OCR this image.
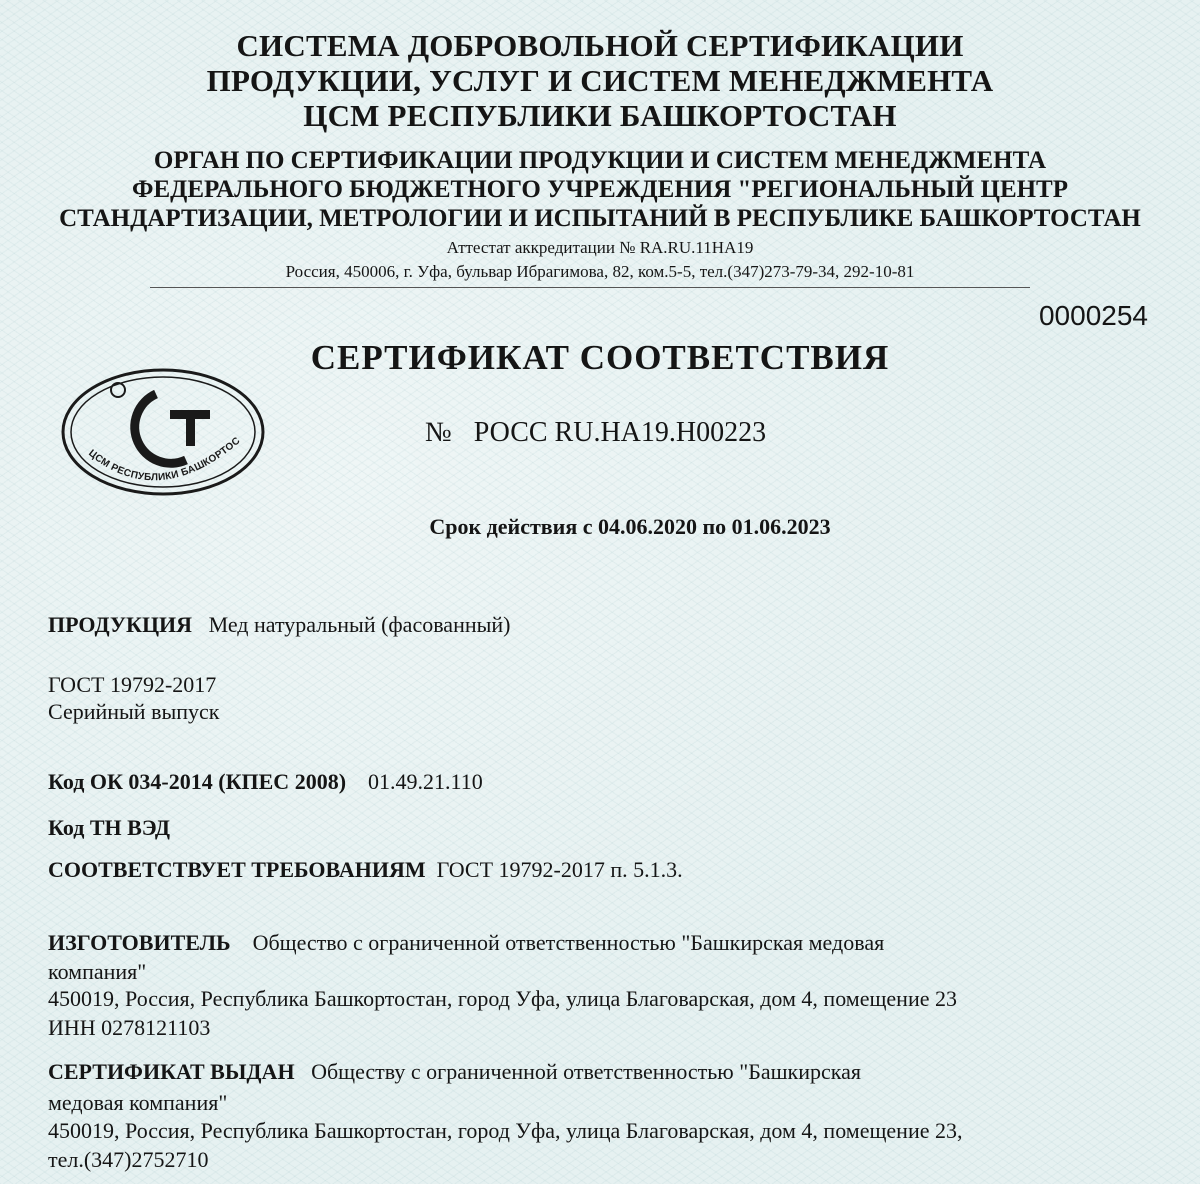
СИСТЕМА ДОБРОВОЛЬНОЙ СЕРТИФИКАЦИИ
ПРОДУКЦИИ, УСЛУГ И СИСТЕМ МЕНЕДЖМЕНТА
ЦСМ РЕСПУБЛИКИ БАШКОРТОСТАН
ОРГАН ПО СЕРТИФИКАЦИИ ПРОДУКЦИИ И СИСТЕМ МЕНЕДЖМЕНТА
ФЕДЕРАЛЬНОГО БЮДЖЕТНОГО УЧРЕЖДЕНИЯ "РЕГИОНАЛЬНЫЙ ЦЕНТР
СТАНДАРТИЗАЦИИ, МЕТРОЛОГИИ И ИСПЫТАНИЙ В РЕСПУБЛИКЕ БАШКОРТОСТАН
Аттестат аккредитации № RA.RU.11HA19
Россия, 450006, г. Уфа, бульвар Ибрагимова, 82, ком.5-5, тел.(347)273-79-34, 292-10-81
0000254
СЕРТИФИКАТ СООТВЕТСТВИЯ
ЦСМ РЕСПУБЛИКИ БАШКОРТОС	№ РОСС RU.HA19.H00223
Срок действия с 04.06.2020 по 01.06.2023
ПРОДУКЦИЯ Мед натуральный (фасованный)
ГОСТ 19792-2017
Серийный выпуск
Код ОК 034-2014 (КПЕС 2008) 01.49.21.110
Код ТН ВЭД
СООТВЕТСТВУЕТ ТРЕБОВАНИЯМ ГОСТ 19792-2017 п. 5.1.3.
ИЗГОТОВИТЕЛЬ Общество с ограниченной ответственностью "Башкирская медовая
компания"
450019, Россия, Республика Башкортостан, город Уфа, улица Благоварская, дом 4, помещение 23
ИНН 0278121103
СЕРТИФИКАТ ВЫДАН Обществу с ограниченной ответственностью "Башкирская
медовая компания"
450019, Россия, Республика Башкортостан, город Уфа, улица Благоварская, дом 4, помещение 23,
тел.(347)2752710
